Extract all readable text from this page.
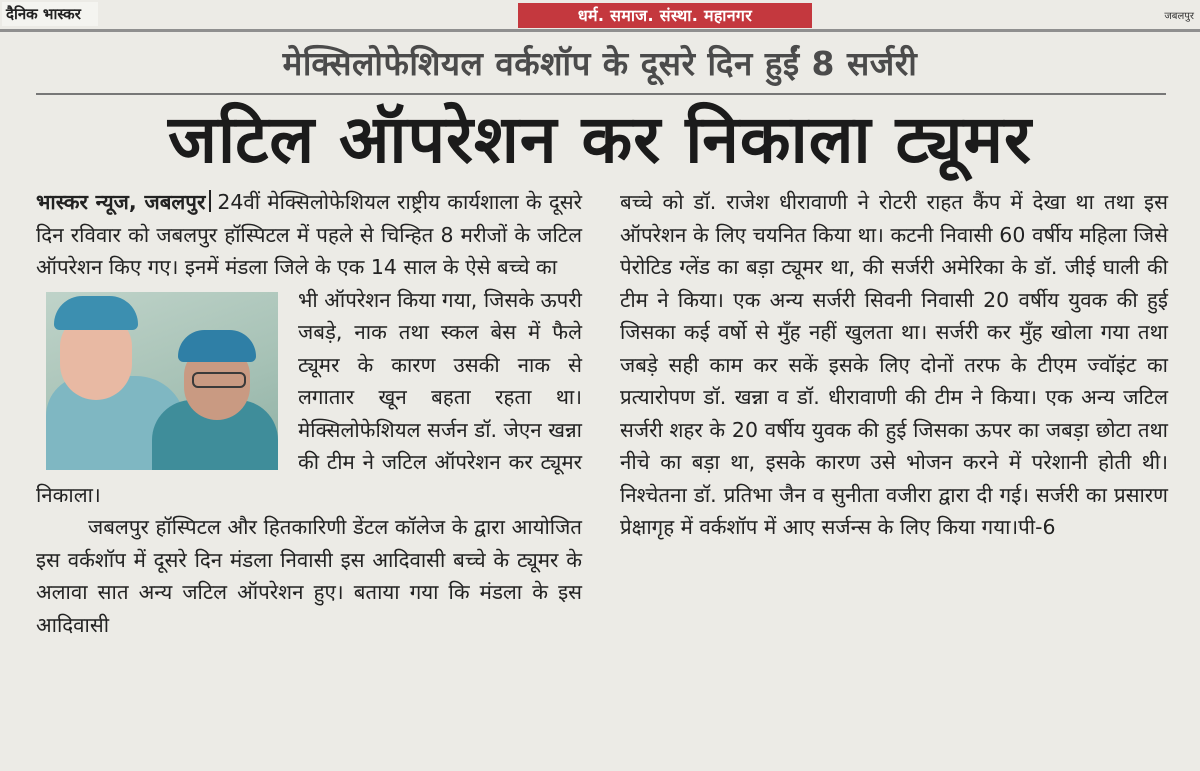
दैनिक भास्कर	धर्म. समाज. संस्था. महानगर	जबलपुर
मेक्सिलोफेशियल वर्कशॉप के दूसरे दिन हुईं 8 सर्जरी
जटिल ऑपरेशन कर निकाला ट्यूमर

भास्कर न्यूज, जबलपुर 24वीं मेक्सिलोफेशियल राष्ट्रीय कार्यशाला के दूसरे दिन रविवार को जबलपुर हॉस्पिटल में पहले से चिन्हित 8 मरीजों के जटिल ऑपरेशन किए गए। इनमें मंडला जिले के एक 14 साल के ऐसे बच्चे का

भी ऑपरेशन किया गया, जिसके ऊपरी जबड़े, नाक तथा स्कल बेस में फैले ट्यूमर के कारण उसकी नाक से लगातार खून बहता रहता था। मेक्सिलोफेशियल सर्जन डॉ. जेएन खन्ना की टीम ने जटिल ऑपरेशन कर ट्यूमर निकाला।

जबलपुर हॉस्पिटल और हितकारिणी डेंटल कॉलेज के द्वारा आयोजित इस वर्कशॉप में दूसरे दिन मंडला निवासी इस आदिवासी बच्चे के ट्यूमर के अलावा सात अन्य जटिल ऑपरेशन हुए। बताया गया कि मंडला के इस आदिवासी

बच्चे को डॉ. राजेश धीरावाणी ने रोटरी राहत कैंप में देखा था तथा इस ऑपरेशन के लिए चयनित किया था। कटनी निवासी 60 वर्षीय महिला जिसे पेरोटिड ग्लेंड का बड़ा ट्यूमर था, की सर्जरी अमेरिका के डॉ. जीई घाली की टीम ने किया। एक अन्य सर्जरी सिवनी निवासी 20 वर्षीय युवक की हुई जिसका कई वर्षो से मुँह नहीं खुलता था। सर्जरी कर मुँह खोला गया तथा जबड़े सही काम कर सकें इसके लिए दोनों तरफ के टीएम ज्वॉइंट का प्रत्यारोपण डॉ. खन्ना व डॉ. धीरावाणी की टीम ने किया। एक अन्य जटिल सर्जरी शहर के 20 वर्षीय युवक की हुई जिसका ऊपर का जबड़ा छोटा तथा नीचे का बड़ा था, इसके कारण उसे भोजन करने में परेशानी होती थी। निश्चेतना डॉ. प्रतिभा जैन व सुनीता वजीरा द्वारा दी गई। सर्जरी का प्रसारण प्रेक्षागृह में वर्कशॉप में आए सर्जन्स के लिए किया गया।पी-6
